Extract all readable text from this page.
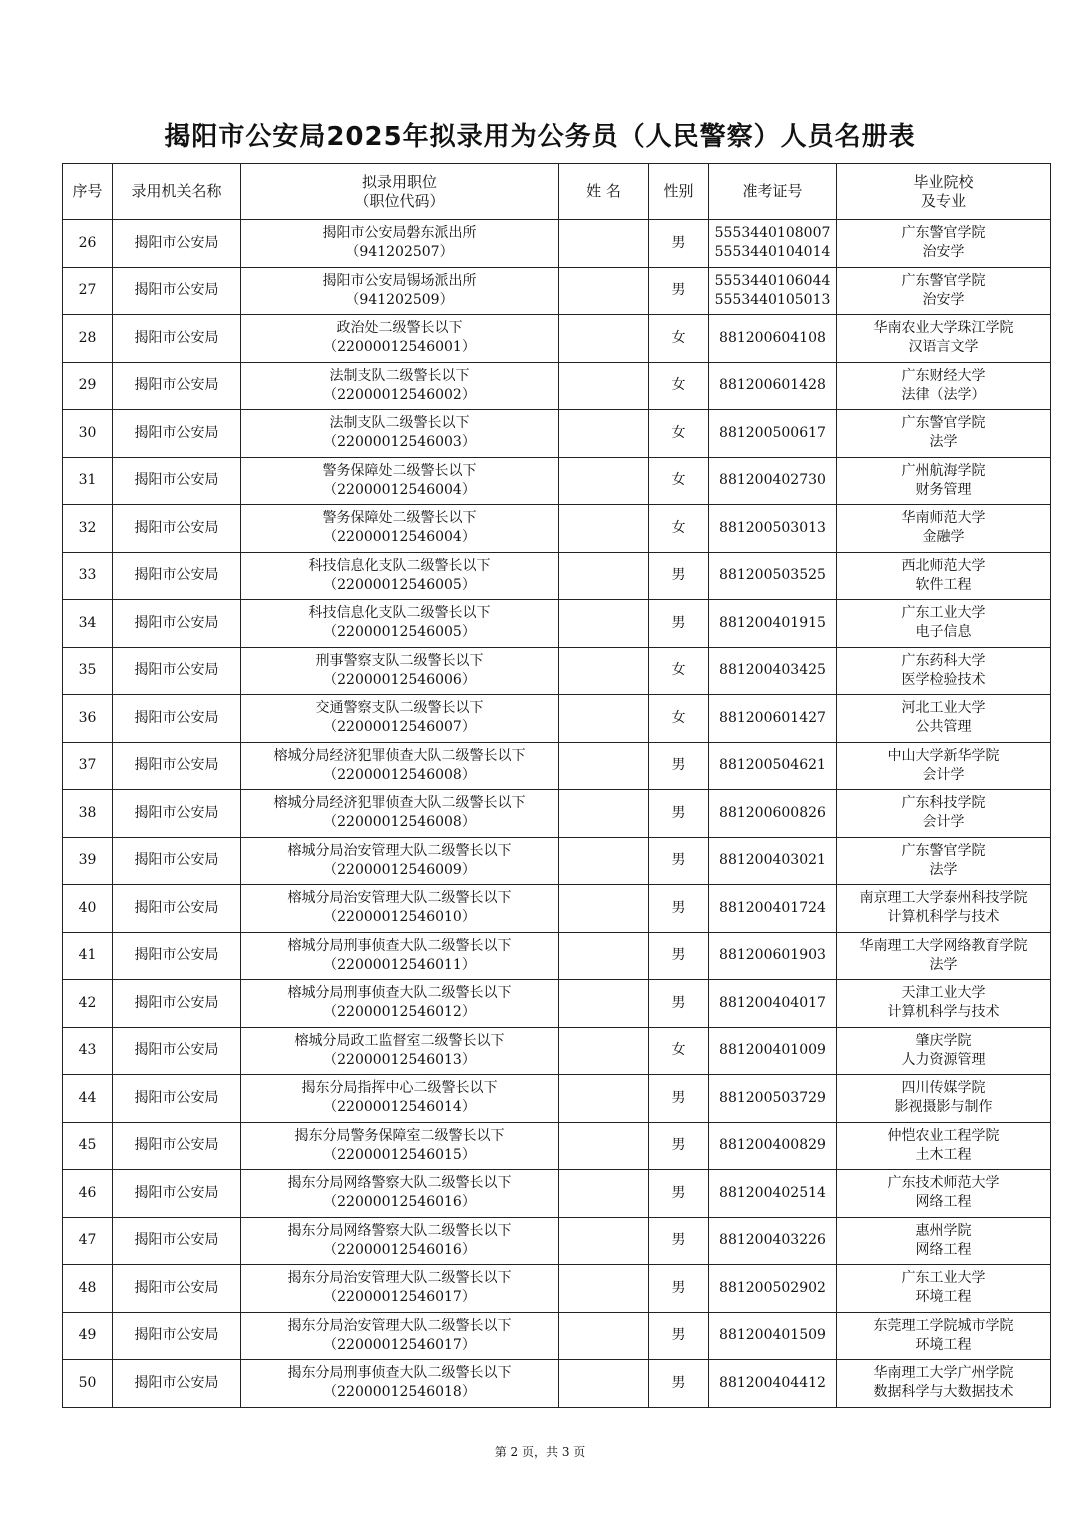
揭阳市公安局2025年拟录用为公务员（人民警察）人员名册表
序号	录用机关名称	拟录用职位
（职位代码）	姓 名	性别	准考证号	毕业院校
及专业

26	揭阳市公安局	揭阳市公安局磐东派出所
（941202507）		男	5553440108007
5553440104014	广东警官学院
治安学

27	揭阳市公安局	揭阳市公安局锡场派出所
（941202509）		男	5553440106044
5553440105013	广东警官学院
治安学

28	揭阳市公安局	政治处二级警长以下
（22000012546001）		女	881200604108	华南农业大学珠江学院
汉语言文学

29	揭阳市公安局	法制支队二级警长以下
（22000012546002）		女	881200601428	广东财经大学
法律（法学）

30	揭阳市公安局	法制支队二级警长以下
（22000012546003）		女	881200500617	广东警官学院
法学

31	揭阳市公安局	警务保障处二级警长以下
（22000012546004）		女	881200402730	广州航海学院
财务管理

32	揭阳市公安局	警务保障处二级警长以下
（22000012546004）		女	881200503013	华南师范大学
金融学

33	揭阳市公安局	科技信息化支队二级警长以下
（22000012546005）		男	881200503525	西北师范大学
软件工程

34	揭阳市公安局	科技信息化支队二级警长以下
（22000012546005）		男	881200401915	广东工业大学
电子信息

35	揭阳市公安局	刑事警察支队二级警长以下
（22000012546006）		女	881200403425	广东药科大学
医学检验技术

36	揭阳市公安局	交通警察支队二级警长以下
（22000012546007）		女	881200601427	河北工业大学
公共管理

37	揭阳市公安局	榕城分局经济犯罪侦查大队二级警长以下
（22000012546008）		男	881200504621	中山大学新华学院
会计学

38	揭阳市公安局	榕城分局经济犯罪侦查大队二级警长以下
（22000012546008）		男	881200600826	广东科技学院
会计学

39	揭阳市公安局	榕城分局治安管理大队二级警长以下
（22000012546009）		男	881200403021	广东警官学院
法学

40	揭阳市公安局	榕城分局治安管理大队二级警长以下
（22000012546010）		男	881200401724	南京理工大学泰州科技学院
计算机科学与技术

41	揭阳市公安局	榕城分局刑事侦查大队二级警长以下
（22000012546011）		男	881200601903	华南理工大学网络教育学院
法学

42	揭阳市公安局	榕城分局刑事侦查大队二级警长以下
（22000012546012）		男	881200404017	天津工业大学
计算机科学与技术

43	揭阳市公安局	榕城分局政工监督室二级警长以下
（22000012546013）		女	881200401009	肇庆学院
人力资源管理

44	揭阳市公安局	揭东分局指挥中心二级警长以下
（22000012546014）		男	881200503729	四川传媒学院
影视摄影与制作

45	揭阳市公安局	揭东分局警务保障室二级警长以下
（22000012546015）		男	881200400829	仲恺农业工程学院
土木工程

46	揭阳市公安局	揭东分局网络警察大队二级警长以下
（22000012546016）		男	881200402514	广东技术师范大学
网络工程

47	揭阳市公安局	揭东分局网络警察大队二级警长以下
（22000012546016）		男	881200403226	惠州学院
网络工程

48	揭阳市公安局	揭东分局治安管理大队二级警长以下
（22000012546017）		男	881200502902	广东工业大学
环境工程

49	揭阳市公安局	揭东分局治安管理大队二级警长以下
（22000012546017）		男	881200401509	东莞理工学院城市学院
环境工程

50	揭阳市公安局	揭东分局刑事侦查大队二级警长以下
（22000012546018）		男	881200404412	华南理工大学广州学院
数据科学与大数据技术
第 2 页，共 3 页
